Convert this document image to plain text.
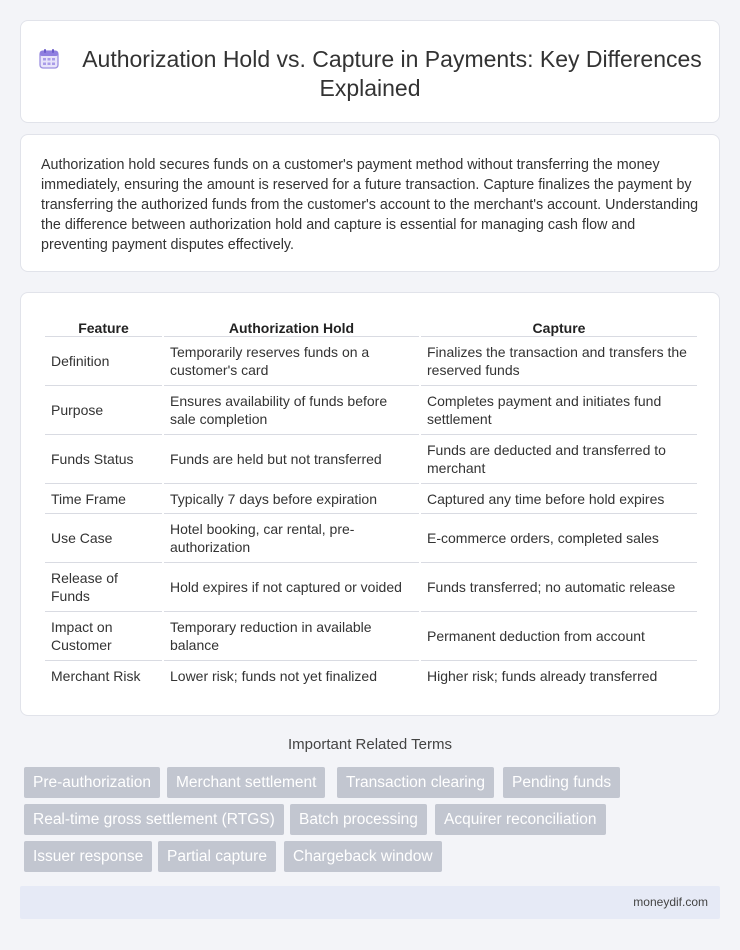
Authorization Hold vs. Capture in Payments: Key Differences Explained

Authorization hold secures funds on a customer's payment method without transferring the money immediately, ensuring the amount is reserved for a future transaction. Capture finalizes the payment by transferring the authorized funds from the customer's account to the merchant's account. Understanding the difference between authorization hold and capture is essential for managing cash flow and preventing payment disputes effectively.

Feature	Authorization Hold	Capture
Definition	Temporarily reserves funds on a customer's card	Finalizes the transaction and transfers the reserved funds
Purpose	Ensures availability of funds before sale completion	Completes payment and initiates fund settlement
Funds Status	Funds are held but not transferred	Funds are deducted and transferred to merchant
Time Frame	Typically 7 days before expiration	Captured any time before hold expires
Use Case	Hotel booking, car rental, pre-authorization	E-commerce orders, completed sales
Release of Funds	Hold expires if not captured or voided	Funds transferred; no automatic release
Impact on Customer	Temporary reduction in available balance	Permanent deduction from account
Merchant Risk	Lower risk; funds not yet finalized	Higher risk; funds already transferred
Important Related Terms
Pre-authorization	Merchant settlement	Transaction clearing	Pending funds
Real-time gross settlement (RTGS)	Batch processing	Acquirer reconciliation
Issuer response	Partial capture	Chargeback window
moneydif.com
